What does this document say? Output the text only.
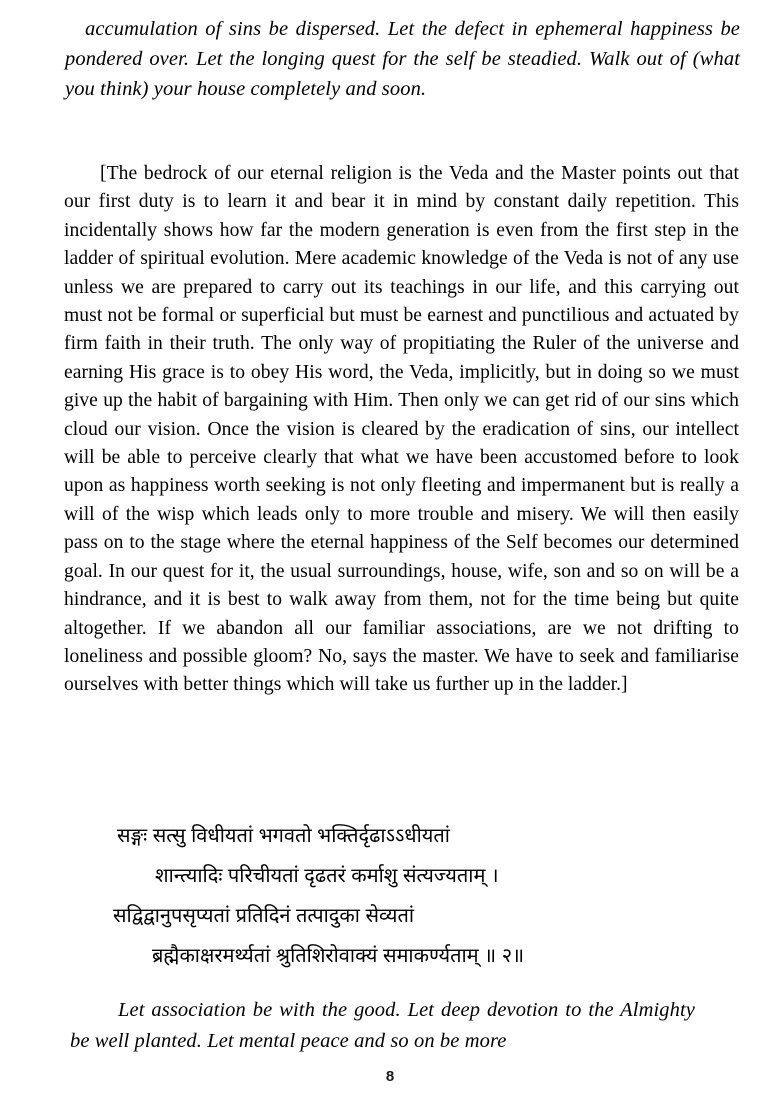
accumulation of sins be dispersed. Let the defect in ephemeral happiness be pondered over. Let the longing quest for the self be steadied. Walk out of (what you think) your house completely and soon.
[The bedrock of our eternal religion is the Veda and the Master points out that our first duty is to learn it and bear it in mind by constant daily repetition. This incidentally shows how far the modern generation is even from the first step in the ladder of spiritual evolution. Mere academic knowledge of the Veda is not of any use unless we are prepared to carry out its teachings in our life, and this carrying out must not be formal or superficial but must be earnest and punctilious and actuated by firm faith in their truth. The only way of propitiating the Ruler of the universe and earning His grace is to obey His word, the Veda, implicitly, but in doing so we must give up the habit of bargaining with Him. Then only we can get rid of our sins which cloud our vision. Once the vision is cleared by the eradication of sins, our intellect will be able to perceive clearly that what we have been accustomed before to look upon as happiness worth seeking is not only fleeting and impermanent but is really a will of the wisp which leads only to more trouble and misery. We will then easily pass on to the stage where the eternal happiness of the Self becomes our determined goal. In our quest for it, the usual surroundings, house, wife, son and so on will be a hindrance, and it is best to walk away from them, not for the time being but quite altogether. If we abandon all our familiar associations, are we not drifting to loneliness and possible gloom? No, says the master. We have to seek and familiarise ourselves with better things which will take us further up in the ladder.]
सङ्गः सत्सु विधीयतां भगवतो भक्तिर्दृढाऽऽधीयतां
शान्त्यादिः परिचीयतां दृढतरं कर्माशु संत्यज्यताम् ।
सद्विद्वानुपसृप्यतां प्रतिदिनं तत्पादुका सेव्यतां
ब्रह्मैकाक्षरमर्थ्यतां श्रुतिशिरोवाक्यं समाकर्ण्यताम् ॥ २॥
Let association be with the good. Let deep devotion to the Almighty be well planted. Let mental peace and so on be more
8
